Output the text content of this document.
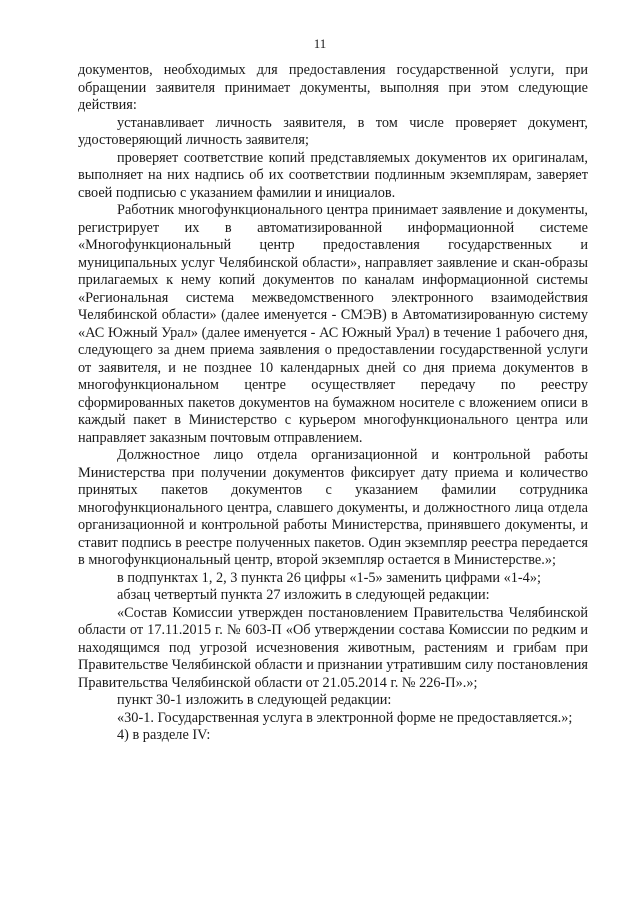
11

документов, необходимых для предоставления государственной услуги, при обращении заявителя принимает документы, выполняя при этом следующие действия:

устанавливает личность заявителя, в том числе проверяет документ, удостоверяющий личность заявителя;

проверяет соответствие копий представляемых документов их оригиналам, выполняет на них надпись об их соответствии подлинным экземплярам, заверяет своей подписью с указанием фамилии и инициалов.

Работник многофункционального центра принимает заявление и документы, регистрирует их в автоматизированной информационной системе «Многофункциональный центр предоставления государственных и муниципальных услуг Челябинской области», направляет заявление и скан-образы прилагаемых к нему копий документов по каналам информационной системы «Региональная система межведомственного электронного взаимодействия Челябинской области» (далее именуется - СМЭВ) в Автоматизированную систему «АС Южный Урал» (далее именуется - АС Южный Урал) в течение 1 рабочего дня, следующего за днем приема заявления о предоставлении государственной услуги от заявителя, и не позднее 10 календарных дней со дня приема документов в многофункциональном центре осуществляет передачу по реестру сформированных пакетов документов на бумажном носителе с вложением описи в каждый пакет в Министерство с курьером многофункционального центра или направляет заказным почтовым отправлением.

Должностное лицо отдела организационной и контрольной работы Министерства при получении документов фиксирует дату приема и количество принятых пакетов документов с указанием фамилии сотрудника многофункционального центра, славшего документы, и должностного лица отдела организационной и контрольной работы Министерства, принявшего документы, и ставит подпись в реестре полученных пакетов. Один экземпляр реестра передается в многофункциональный центр, второй экземпляр остается в Министерстве.»;

в подпунктах 1, 2, 3 пункта 26 цифры «1-5» заменить цифрами «1-4»;

абзац четвертый пункта 27 изложить в следующей редакции:

«Состав Комиссии утвержден постановлением Правительства Челябинской области от 17.11.2015 г. № 603-П «Об утверждении состава Комиссии по редким и находящимся под угрозой исчезновения животным, растениям и грибам при Правительстве Челябинской области и признании утратившим силу постановления Правительства Челябинской области от 21.05.2014 г. № 226-П».»;

пункт 30-1 изложить в следующей редакции:

«30-1. Государственная услуга в электронной форме не предоставляется.»;

4) в разделе IV:
